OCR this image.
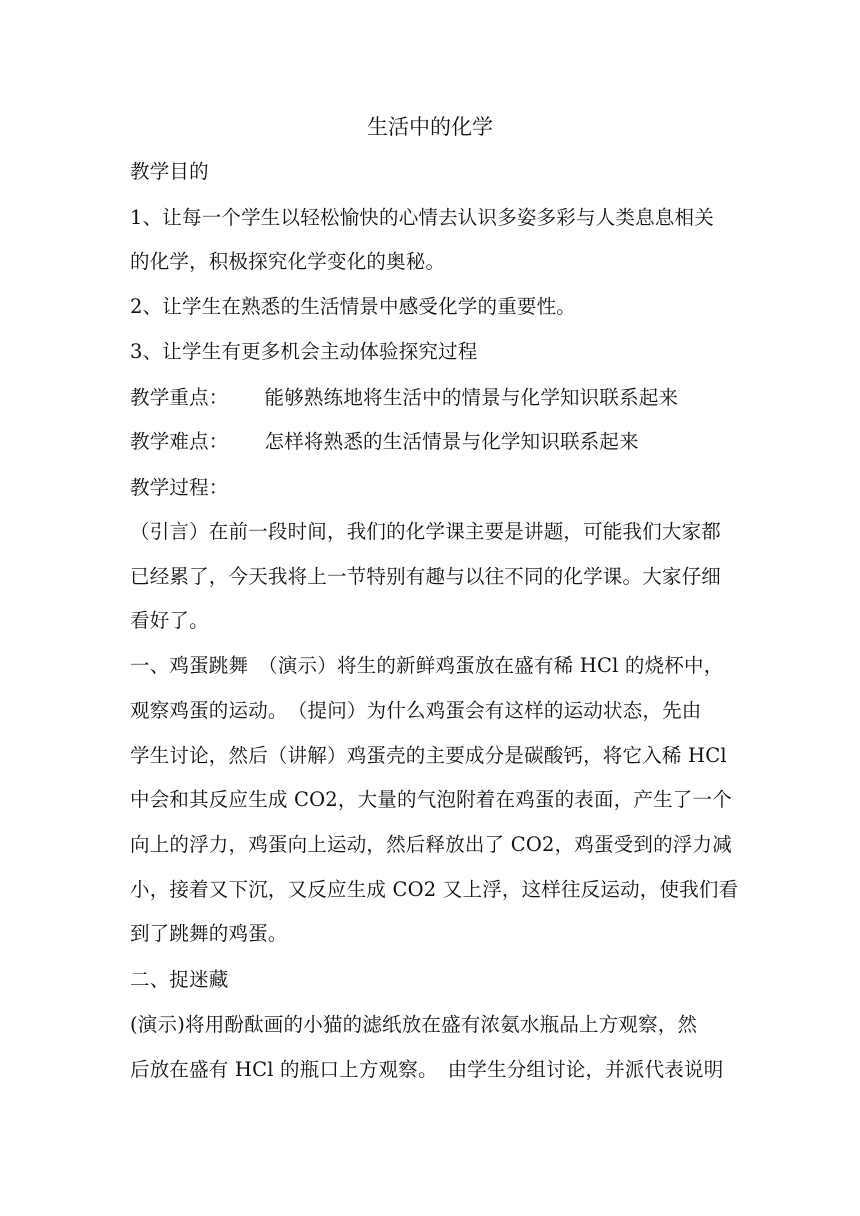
生活中的化学
教学目的
1、让每一个学生以轻松愉快的心情去认识多姿多彩与人类息息相关
的化学，积极探究化学变化的奥秘。
2、让学生在熟悉的生活情景中感受化学的重要性。
3、让学生有更多机会主动体验探究过程
教学重点： 能够熟练地将生活中的情景与化学知识联系起来
教学难点： 怎样将熟悉的生活情景与化学知识联系起来
教学过程：
（引言）在前一段时间，我们的化学课主要是讲题，可能我们大家都
已经累了，今天我将上一节特别有趣与以往不同的化学课。大家仔细
看好了。
一、鸡蛋跳舞　（演示）将生的新鲜鸡蛋放在盛有稀 HCl 的烧杯中，
观察鸡蛋的运动。　（提问）为什么鸡蛋会有这样的运动状态，先由
学生讨论，然后（讲解）鸡蛋壳的主要成分是碳酸钙，将它入稀 HCl
中会和其反应生成 CO2，大量的气泡附着在鸡蛋的表面，产生了一个
向上的浮力，鸡蛋向上运动，然后释放出了 CO2，鸡蛋受到的浮力减
小，接着又下沉，又反应生成 CO2 又上浮，这样往反运动，使我们看
到了跳舞的鸡蛋。
二、捉迷藏
(演示)将用酚酞画的小猫的滤纸放在盛有浓氨水瓶品上方观察，然
后放在盛有 HCl 的瓶口上方观察。　由学生分组讨论，并派代表说明
